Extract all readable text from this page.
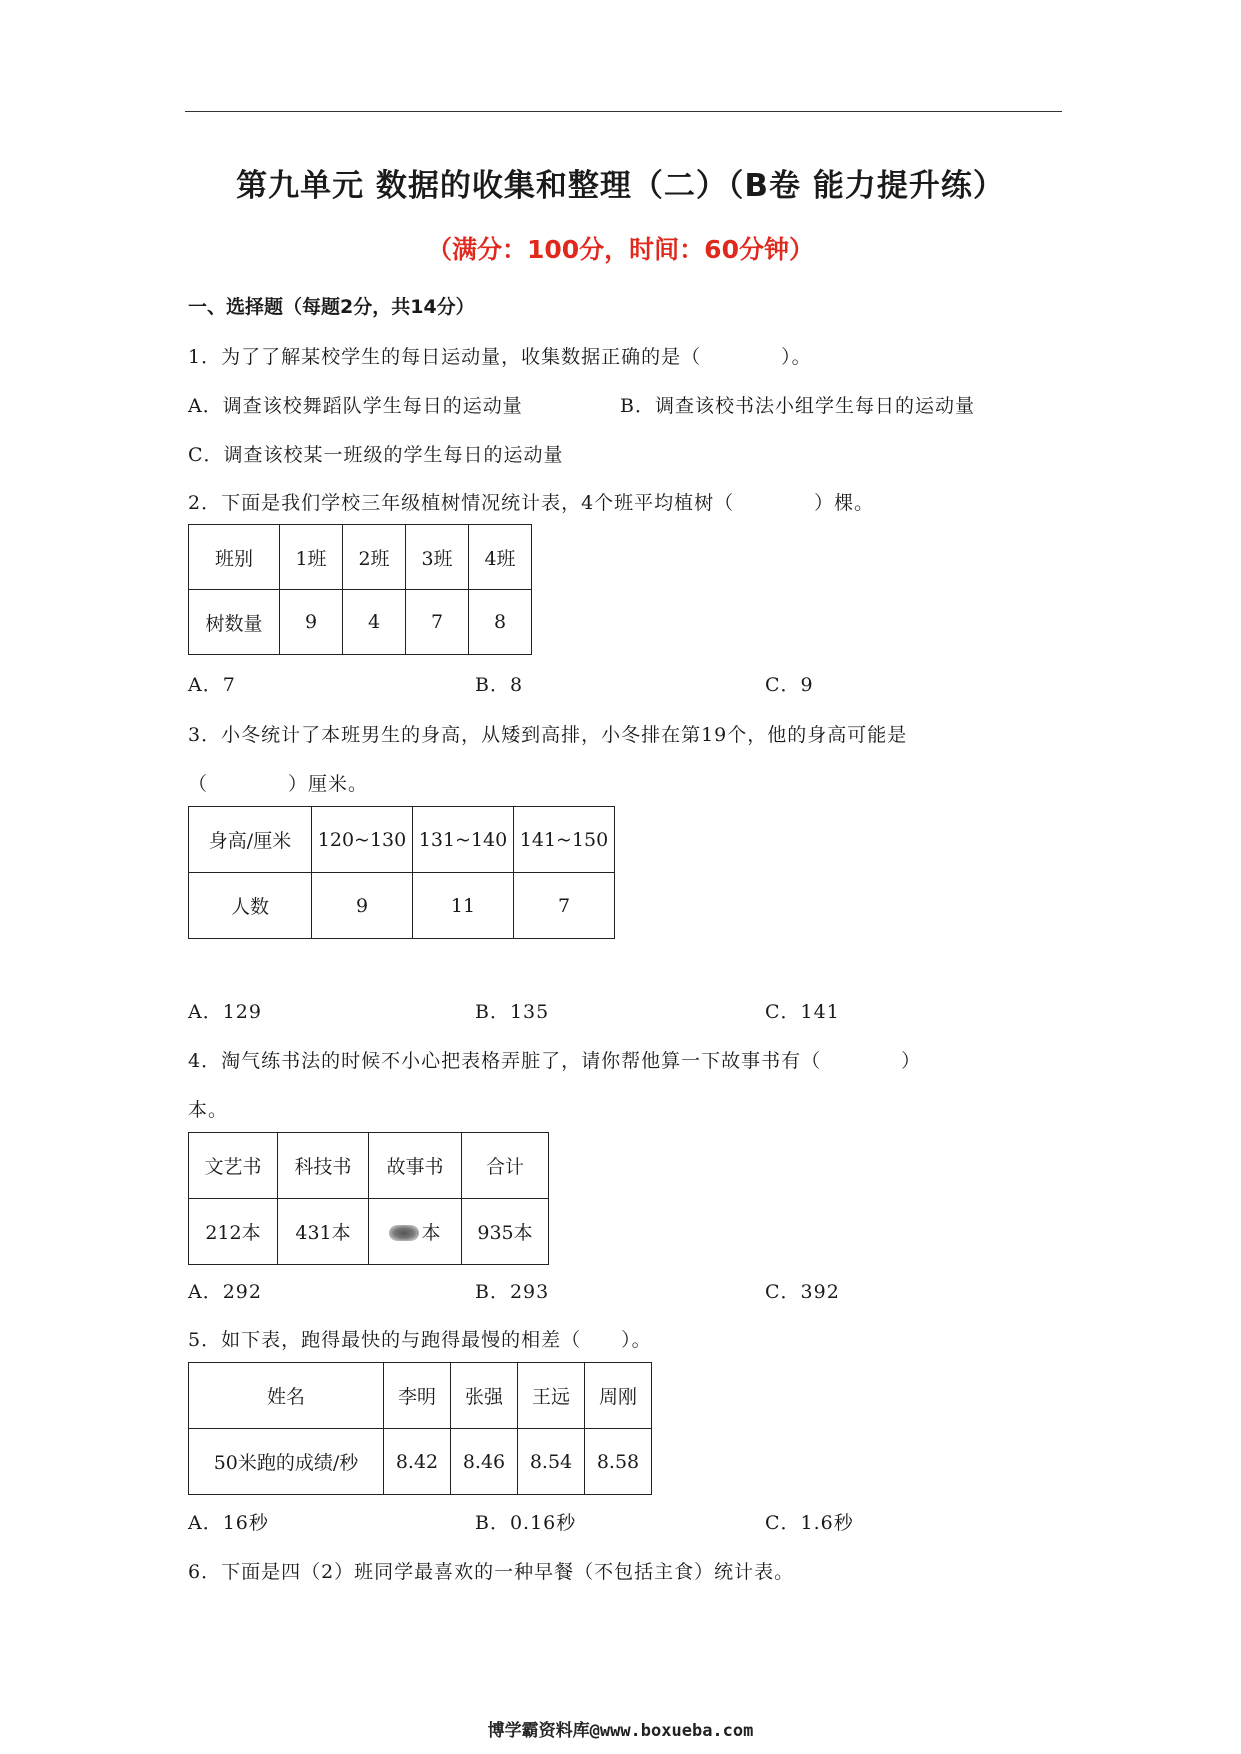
第九单元 数据的收集和整理（二）（B卷 能力提升练）
（满分：100分，时间：60分钟）
一、选择题（每题2分，共14分）
1．为了了解某校学生的每日运动量，收集数据正确的是（　　　　）。
A．调查该校舞蹈队学生每日的运动量	B．调查该校书法小组学生每日的运动量
C．调查该校某一班级的学生每日的运动量
2．下面是我们学校三年级植树情况统计表，4个班平均植树（　　　　）棵。
班别	1班	2班	3班	4班
树数量	9	4	7	8
A．7	B．8	C．9
3．小冬统计了本班男生的身高，从矮到高排，小冬排在第19个，他的身高可能是
（　　　　）厘米。
身高/厘米	120~130	131~140	141~150
人数	9	11	7
A．129	B．135	C．141
4．淘气练书法的时候不小心把表格弄脏了，请你帮他算一下故事书有（　　　　）
本。
文艺书	科技书	故事书	合计
212本	431本	本	935本
A．292	B．293	C．392
5．如下表，跑得最快的与跑得最慢的相差（　　）。
姓名	李明	张强	王远	周刚
50米跑的成绩/秒	8.42	8.46	8.54	8.58
A．16秒	B．0.16秒	C．1.6秒
6．下面是四（2）班同学最喜欢的一种早餐（不包括主食）统计表。
博学霸资料库@www.boxueba.com
